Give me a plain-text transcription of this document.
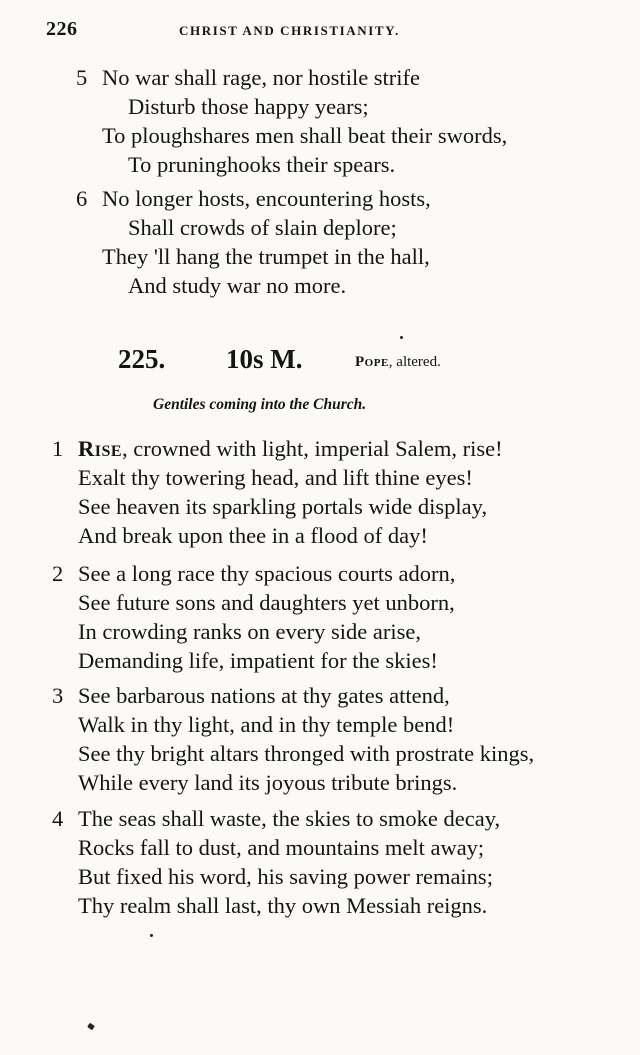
226	CHRIST AND CHRISTIANITY.
5 No war shall rage, nor hostile strife
Disturb those happy years;
To ploughshares men shall beat their swords,
To pruninghooks their spears.
6 No longer hosts, encountering hosts,
Shall crowds of slain deplore;
They 'll hang the trumpet in the hall,
And study war no more.
225. 10s M.	Pope, altered.
Gentiles coming into the Church.
1 Rise, crowned with light, imperial Salem, rise!
Exalt thy towering head, and lift thine eyes!
See heaven its sparkling portals wide display,
And break upon thee in a flood of day!
2 See a long race thy spacious courts adorn,
See future sons and daughters yet unborn,
In crowding ranks on every side arise,
Demanding life, impatient for the skies!
3 See barbarous nations at thy gates attend,
Walk in thy light, and in thy temple bend!
See thy bright altars thronged with prostrate kings,
While every land its joyous tribute brings.
4 The seas shall waste, the skies to smoke decay,
Rocks fall to dust, and mountains melt away;
But fixed his word, his saving power remains;
Thy realm shall last, thy own Messiah reigns.
